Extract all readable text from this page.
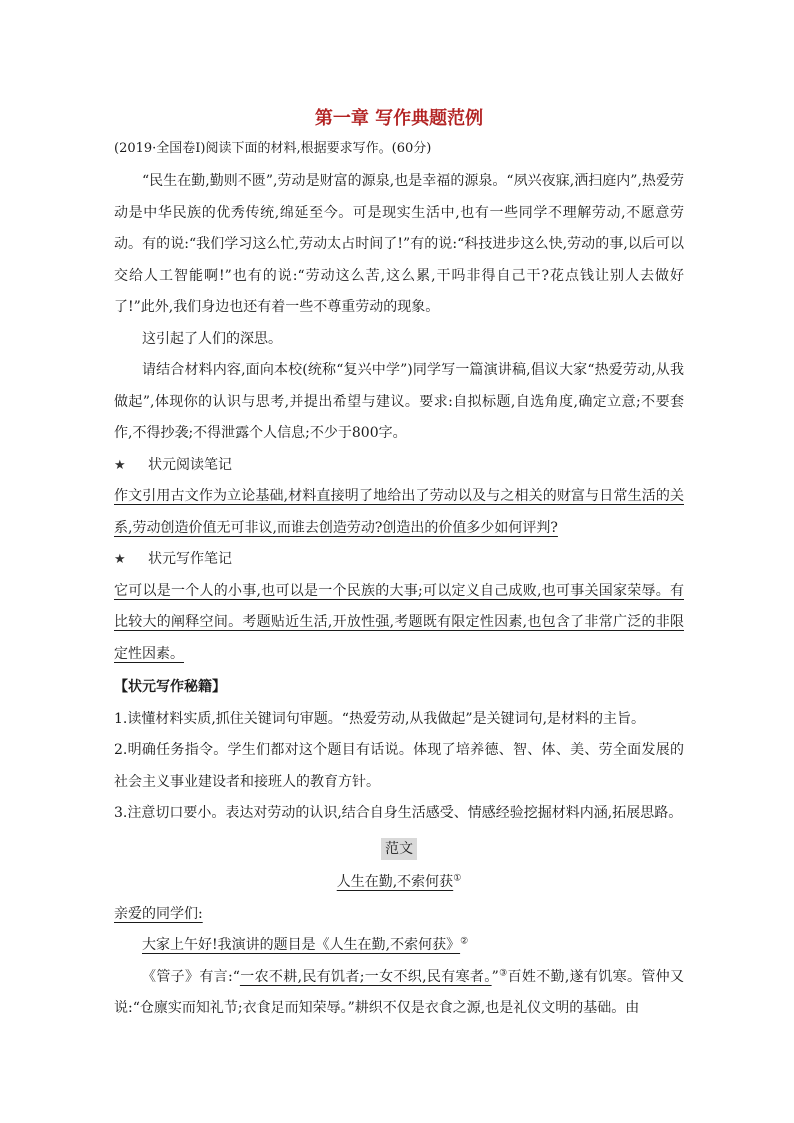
第一章 写作典题范例
(2019·全国卷Ⅰ)阅读下面的材料,根据要求写作。(60分)

“民生在勤,勤则不匮”,劳动是财富的源泉,也是幸福的源泉。“夙兴夜寐,洒扫庭内”,热爱劳动是中华民族的优秀传统,绵延至今。可是现实生活中,也有一些同学不理解劳动,不愿意劳动。有的说:“我们学习这么忙,劳动太占时间了!”有的说:“科技进步这么快,劳动的事,以后可以交给人工智能啊!”也有的说:“劳动这么苦,这么累,干吗非得自己干?花点钱让别人去做好了!”此外,我们身边也还有着一些不尊重劳动的现象。

这引起了人们的深思。

请结合材料内容,面向本校(统称“复兴中学”)同学写一篇演讲稿,倡议大家“热爱劳动,从我做起”,体现你的认识与思考,并提出希望与建议。要求:自拟标题,自选角度,确定立意;不要套作,不得抄袭;不得泄露个人信息;不少于800字。

★	状元阅读笔记

作文引用古文作为立论基础,材料直接明了地给出了劳动以及与之相关的财富与日常生活的关系,劳动创造价值无可非议,而谁去创造劳动?创造出的价值多少如何评判?

★	状元写作笔记

它可以是一个人的小事,也可以是一个民族的大事;可以定义自己成败,也可事关国家荣辱。有比较大的阐释空间。考题贴近生活,开放性强,考题既有限定性因素,也包含了非常广泛的非限定性因素。

【状元写作秘籍】

1.读懂材料实质,抓住关键词句审题。“热爱劳动,从我做起”是关键词句,是材料的主旨。

2.明确任务指令。学生们都对这个题目有话说。体现了培养德、智、体、美、劳全面发展的社会主义事业建设者和接班人的教育方针。

3.注意切口要小。表达对劳动的认识,结合自身生活感受、情感经验挖掘材料内涵,拓展思路。

范文
人生在勤,不索何获①

亲爱的同学们:

大家上午好!我演讲的题目是《人生在勤,不索何获》②

《管子》有言:“一农不耕,民有饥者;一女不织,民有寒者。”③百姓不勤,遂有饥寒。管仲又说:“仓廪实而知礼节;衣食足而知荣辱。”耕织不仅是衣食之源,也是礼仪文明的基础。由
